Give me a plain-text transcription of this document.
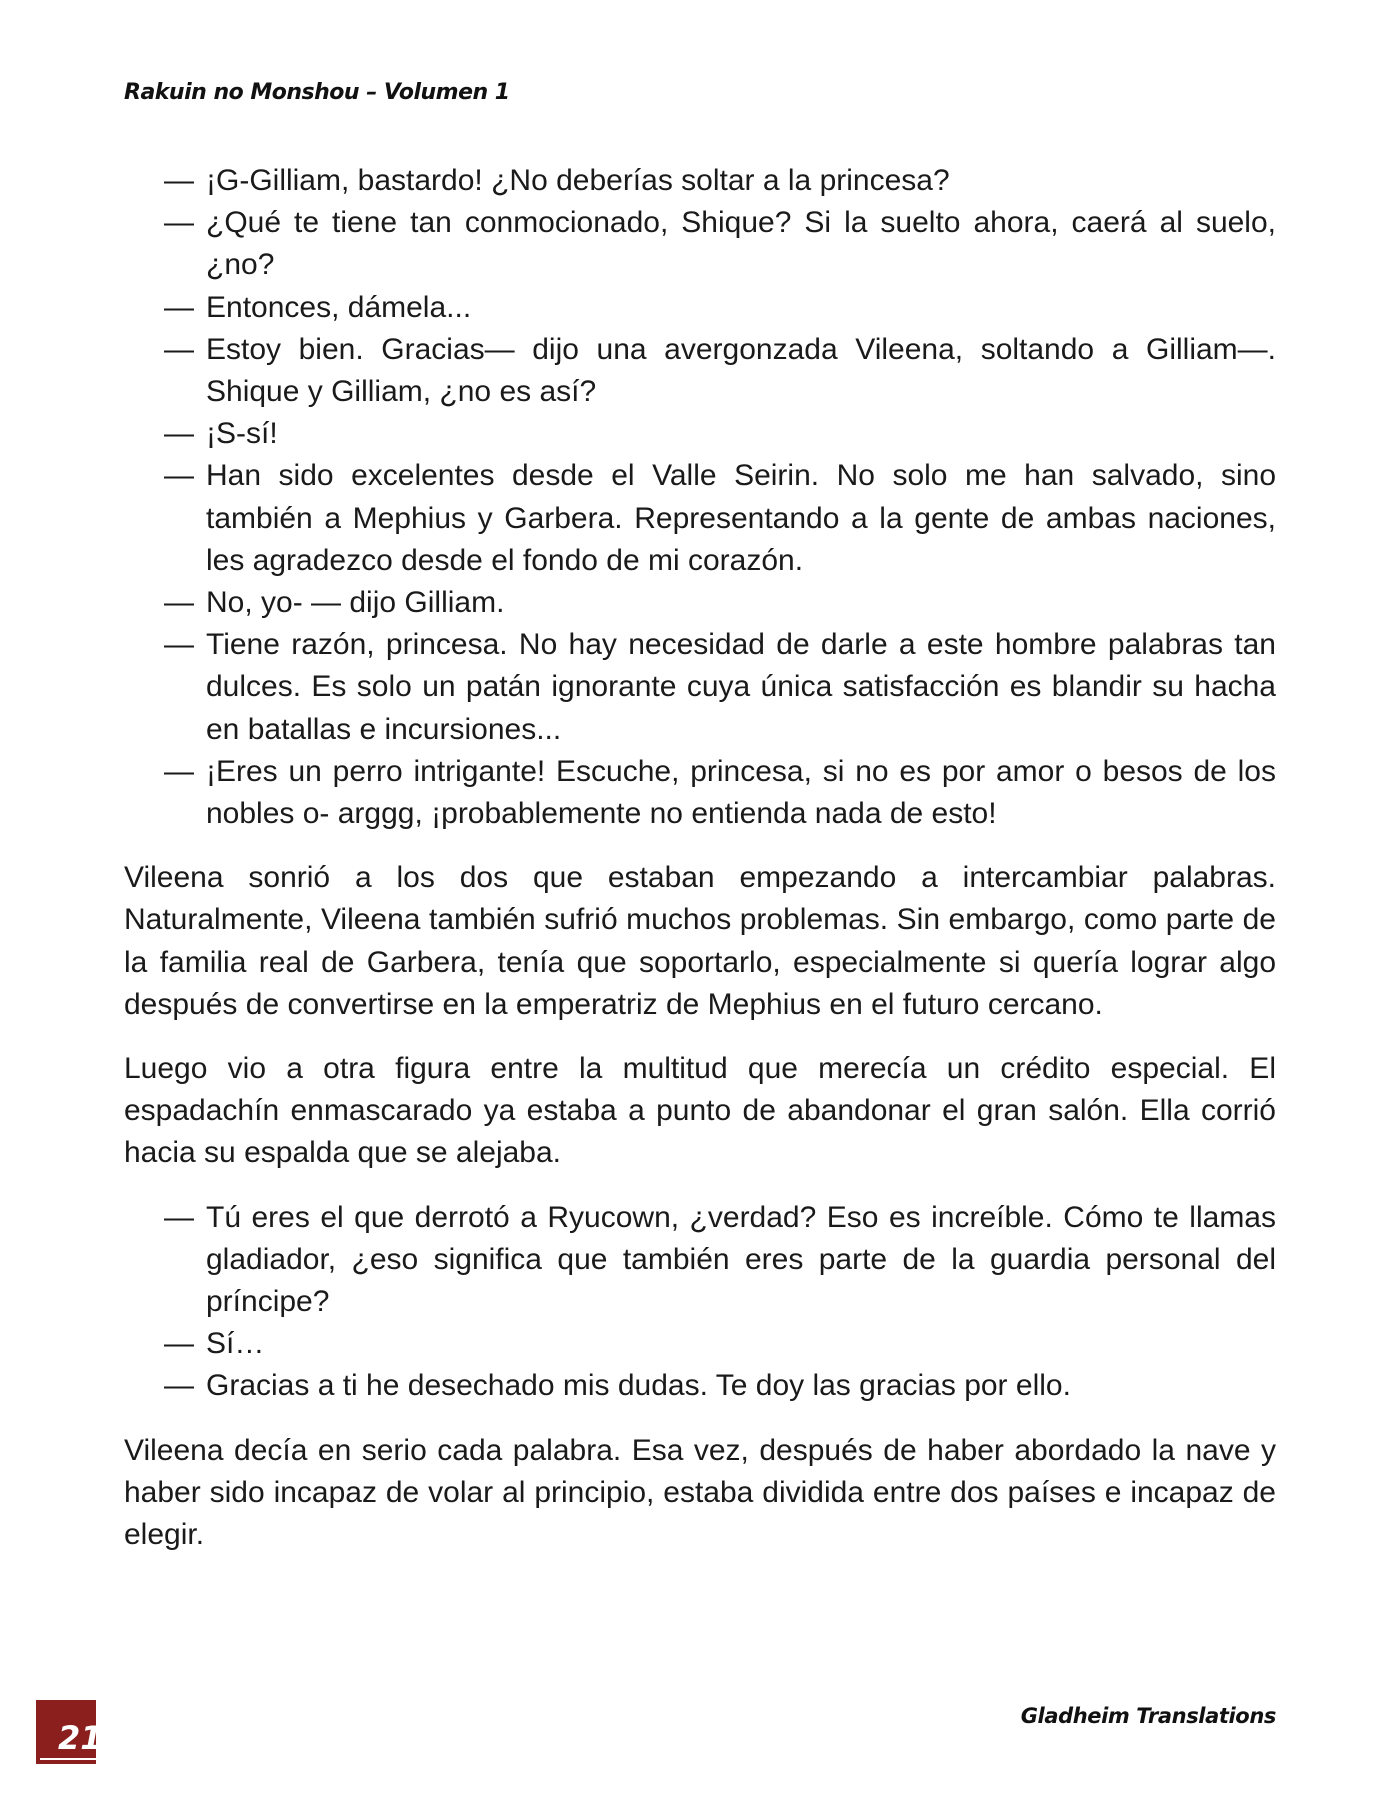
Rakuin no Monshou – Volumen 1
— ¡G-Gilliam, bastardo! ¿No deberías soltar a la princesa?
— ¿Qué te tiene tan conmocionado, Shique? Si la suelto ahora, caerá al suelo, ¿no?
— Entonces, dámela...
— Estoy bien. Gracias— dijo una avergonzada Vileena, soltando a Gilliam—. Shique y Gilliam, ¿no es así?
— ¡S-sí!
— Han sido excelentes desde el Valle Seirin. No solo me han salvado, sino también a Mephius y Garbera. Representando a la gente de ambas naciones, les agradezco desde el fondo de mi corazón.
— No, yo- — dijo Gilliam.
— Tiene razón, princesa. No hay necesidad de darle a este hombre palabras tan dulces. Es solo un patán ignorante cuya única satisfacción es blandir su hacha en batallas e incursiones...
— ¡Eres un perro intrigante! Escuche, princesa, si no es por amor o besos de los nobles o- arggg, ¡probablemente no entienda nada de esto!

Vileena sonrió a los dos que estaban empezando a intercambiar palabras. Naturalmente, Vileena también sufrió muchos problemas. Sin embargo, como parte de la familia real de Garbera, tenía que soportarlo, especialmente si quería lograr algo después de convertirse en la emperatriz de Mephius en el futuro cercano.

Luego vio a otra figura entre la multitud que merecía un crédito especial. El espadachín enmascarado ya estaba a punto de abandonar el gran salón. Ella corrió hacia su espalda que se alejaba.

— Tú eres el que derrotó a Ryucown, ¿verdad? Eso es increíble. Cómo te llamas gladiador, ¿eso significa que también eres parte de la guardia personal del príncipe?
— Sí…
— Gracias a ti he desechado mis dudas. Te doy las gracias por ello.

Vileena decía en serio cada palabra. Esa vez, después de haber abordado la nave y haber sido incapaz de volar al principio, estaba dividida entre dos países e incapaz de elegir.

21
Gladheim Translations
